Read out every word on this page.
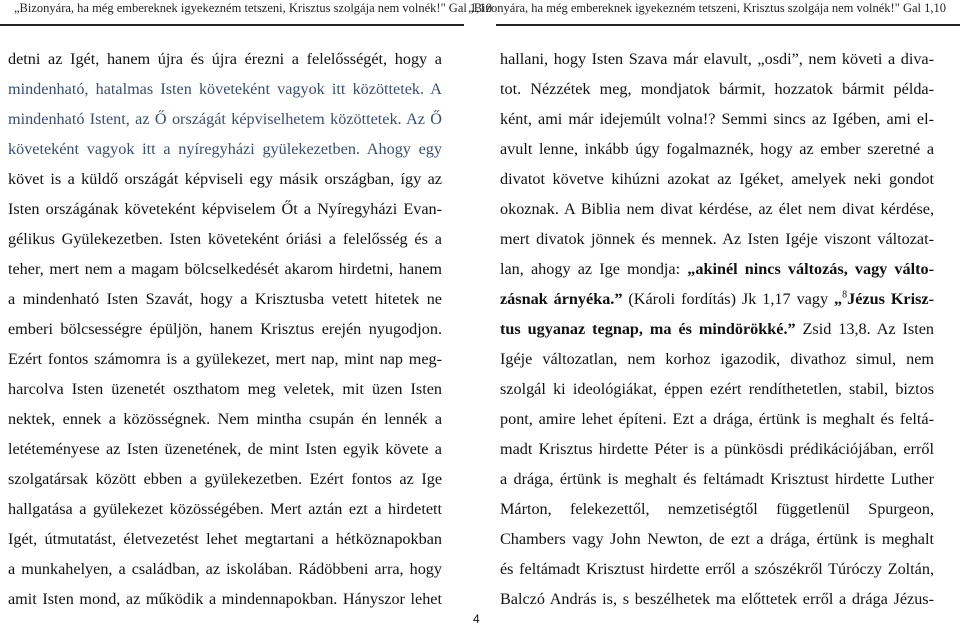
„Bizonyára, ha még embereknek igyekezném tetszeni, Krisztus szolgája nem volnék!" Gal 1,10
„Bizonyára, ha még embereknek igyekezném tetszeni, Krisztus szolgája nem volnék!" Gal 1,10

detni az Igét, hanem újra és újra érezni a felelősségét, hogy a

mindenható, hatalmas Isten követeként vagyok itt közöttetek. A

mindenható Istent, az Ő országát képviselhetem közöttetek. Az Ő

követeként vagyok itt a nyíregyházi gyülekezetben. Ahogy egy

követ is a küldő országát képviseli egy másik országban, így az

Isten országának követeként képviselem Őt a Nyíregyházi Evan-

gélikus Gyülekezetben. Isten követeként óriási a felelősség és a

teher, mert nem a magam bölcselkedését akarom hirdetni, hanem

a mindenható Isten Szavát, hogy a Krisztusba vetett hitetek ne

emberi bölcsességre épüljön, hanem Krisztus erején nyugodjon.

Ezért fontos számomra is a gyülekezet, mert nap, mint nap meg-

harcolva Isten üzenetét oszthatom meg veletek, mit üzen Isten

nektek, ennek a közösségnek. Nem mintha csupán én lennék a

letéteményese az Isten üzenetének, de mint Isten egyik követe a

szolgatársak között ebben a gyülekezetben. Ezért fontos az Ige

hallgatása a gyülekezet közösségében. Mert aztán ezt a hirdetett

Igét, útmutatást, életvezetést lehet megtartani a hétköznapokban

a munkahelyen, a családban, az iskolában. Rádöbbeni arra, hogy

amit Isten mond, az működik a mindennapokban. Hányszor lehet

hallani, hogy Isten Szava már elavult, „osdi”, nem követi a diva-

tot. Nézzétek meg, mondjatok bármit, hozzatok bármit példa-

ként, ami már idejemúlt volna!? Semmi sincs az Igében, ami el-

avult lenne, inkább úgy fogalmaznék, hogy az ember szeretné a

divatot követve kihúzni azokat az Igéket, amelyek neki gondot

okoznak. A Biblia nem divat kérdése, az élet nem divat kérdése,

mert divatok jönnek és mennek. Az Isten Igéje viszont változat-

lan, ahogy az Ige mondja: „akinél nincs változás, vagy válto-

zásnak árnyéka.” (Károli fordítás) Jk 1,17 vagy „$^8$Jézus Krisz-

tus ugyanaz tegnap, ma és mindörökké.” Zsid 13,8. Az Isten

Igéje változatlan, nem korhoz igazodik, divathoz simul, nem

szolgál ki ideológiákat, éppen ezért rendíthetetlen, stabil, biztos

pont, amire lehet építeni. Ezt a drága, értünk is meghalt és feltá-

madt Krisztus hirdette Péter is a pünkösdi prédikációjában, erről

a drága, értünk is meghalt és feltámadt Krisztust hirdette Luther

Márton, felekezettől, nemzetiségtől függetlenül Spurgeon,

Chambers vagy John Newton, de ezt a drága, értünk is meghalt

és feltámadt Krisztust hirdette erről a szószékről Túróczy Zoltán,

Balczó András is, s beszélhetek ma előttetek erről a drága Jézus-

4
